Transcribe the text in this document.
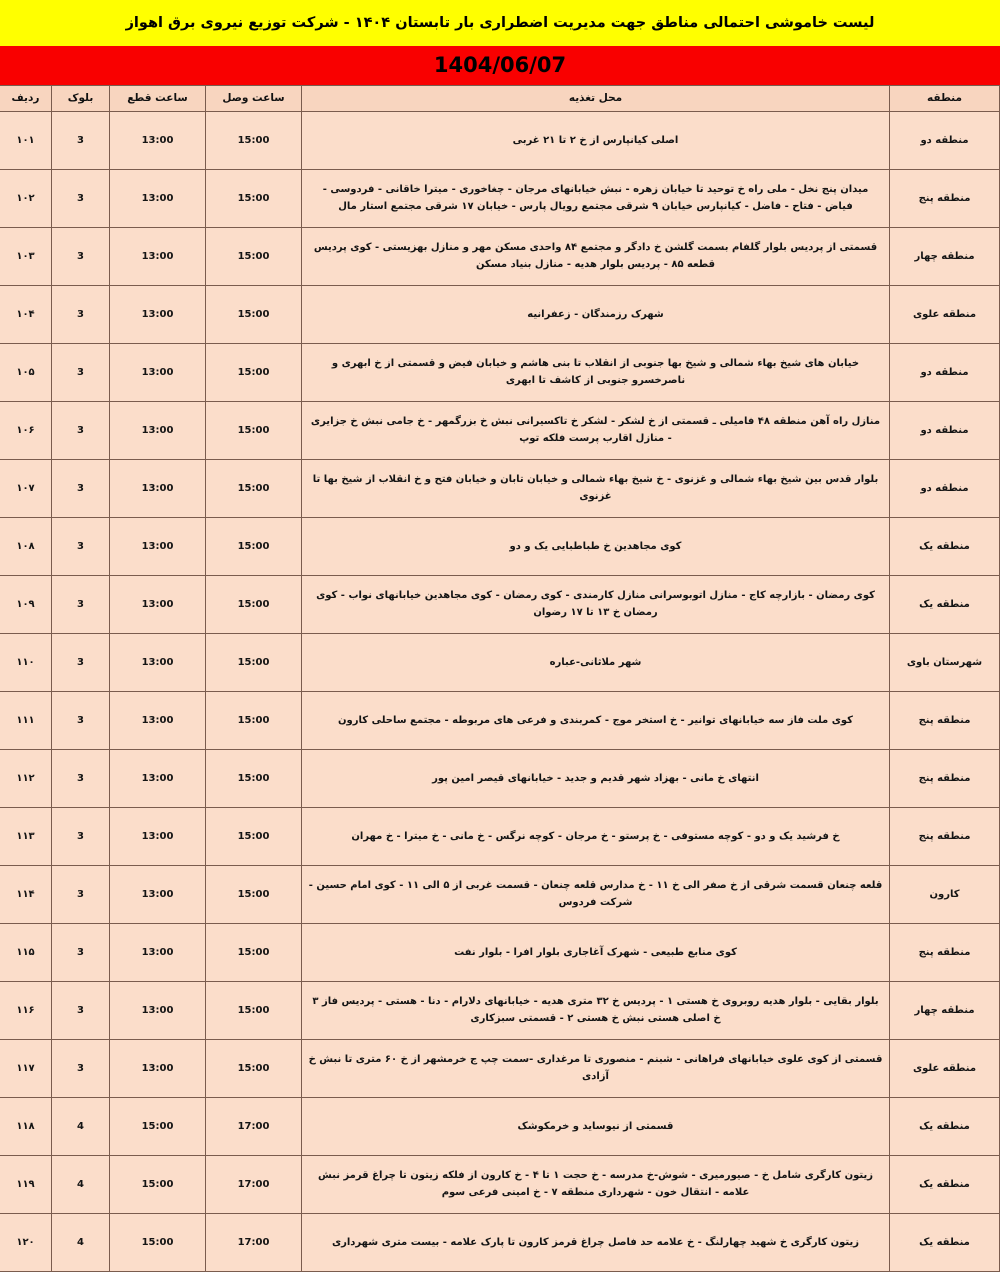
لیست خاموشی احتمالی مناطق جهت مدیریت اضطراری بار تابستان ۱۴۰۴ - شرکت توزیع نیروی برق اهواز
1404/06/07
منطقه	محل تغذیه	ساعت وصل	ساعت قطع	بلوک	ردیف
منطقه دو	اصلی کیانپارس از خ ۲ تا ۲۱ غربی	15:00	13:00	3	۱۰۱
منطقه پنج	میدان پنج نخل - ملی راه خ توحید تا خیابان زهره - نبش خیابانهای مرجان - چغاخوری - میترا خاقانی - فردوسی - فیاض - فتاح - فاضل - کیانپارس خیابان ۹ شرقی مجتمع رویال پارس - خیابان ۱۷ شرقی مجتمع استار مال	15:00	13:00	3	۱۰۲
منطقه چهار	قسمتی از پردیس بلوار گلفام بسمت گلشن خ دادگر و مجتمع ۸۴ واحدی مسکن مهر و منازل بهزیستی - کوی پردیس قطعه ۸۵ - پردیس بلوار هدیه - منازل بنیاد مسکن	15:00	13:00	3	۱۰۳
منطقه علوی	شهرک رزمندگان - زعفرانیه	15:00	13:00	3	۱۰۴
منطقه دو	خیابان های شیخ بهاء شمالی و شیخ بها جنوبی از انقلاب تا بنی هاشم و خیابان فیض و قسمتی از خ ابهری و ناصرخسرو جنوبی از کاشف تا ابهری	15:00	13:00	3	۱۰۵
منطقه دو	منازل راه آهن منطقه ۴۸ فامیلی ـ قسمتی از خ لشکر - لشکر خ تاکسیرانی نبش خ بزرگمهر - خ جامی نبش خ جزایری - منازل اقارب پرست فلکه توپ	15:00	13:00	3	۱۰۶
منطقه دو	بلوار قدس بین شیخ بهاء شمالی و غزنوی - خ شیخ بهاء شمالی و خیابان تابان و خیابان فتح و خ انقلاب از شیخ بها تا غزنوی	15:00	13:00	3	۱۰۷
منطقه یک	کوی مجاهدین خ طباطبایی یک و دو	15:00	13:00	3	۱۰۸
منطقه یک	کوی رمضان - بازارچه کاج - منازل اتوبوسرانی منازل کارمندی - کوی رمضان - کوی مجاهدین خیابانهای نواب - کوی رمضان خ ۱۳ تا ۱۷ رضوان	15:00	13:00	3	۱۰۹
شهرستان باوی	شهر ملاثانی-عباره	15:00	13:00	3	۱۱۰
منطقه پنج	کوی ملت فاز سه خیابانهای توانیر - خ استخر موج - کمربندی و فرعی های مربوطه - مجتمع ساحلی کارون	15:00	13:00	3	۱۱۱
منطقه پنج	انتهای خ مانی - بهزاد شهر قدیم و جدید - خیابانهای قیصر امین پور	15:00	13:00	3	۱۱۲
منطقه پنج	خ فرشید یک و دو - کوچه مستوفی - خ پرستو - خ مرجان - کوچه نرگس - خ مانی - خ میترا - خ مهران	15:00	13:00	3	۱۱۳
کارون	قلعه چنعان قسمت شرقی از خ صفر الی خ ۱۱ - خ مدارس قلعه چنعان - قسمت غربی از ۵ الی ۱۱ - کوی امام حسین - شرکت فردوس	15:00	13:00	3	۱۱۴
منطقه پنج	کوی منابع طبیعی - شهرک آغاجاری بلوار افرا - بلوار نفت	15:00	13:00	3	۱۱۵
منطقه چهار	بلوار بقایی - بلوار هدیه روبروی خ هستی ۱ - پردیس خ ۳۲ متری هدیه - خیابانهای دلارام - دنا - هستی - پردیس فاز ۳ خ اصلی هستی نبش خ هستی ۲ - قسمتی سبزکاری	15:00	13:00	3	۱۱۶
منطقه علوی	قسمتی از کوی علوی خیابانهای فراهانی - شبنم - منصوری تا مرغداری -سمت چپ ج خرمشهر از خ ۶۰ متری تا نبش خ آزادی	15:00	13:00	3	۱۱۷
منطقه یک	قسمتی از نیوساید و خرمکوشک	17:00	15:00	4	۱۱۸
منطقه یک	زیتون کارگری شامل خ - صیورمیری - شوش-خ مدرسه - خ حجت ۱ تا ۴ - خ کارون از فلکه زیتون تا چراغ قرمز نبش علامه - انتقال خون - شهرداری منطقه ۷ - خ امینی فرعی سوم	17:00	15:00	4	۱۱۹
منطقه یک	زیتون کارگری خ شهید چهارلنگ - خ علامه حد فاصل چراغ قرمز کارون تا پارک علامه - بیست متری شهرداری	17:00	15:00	4	۱۲۰
